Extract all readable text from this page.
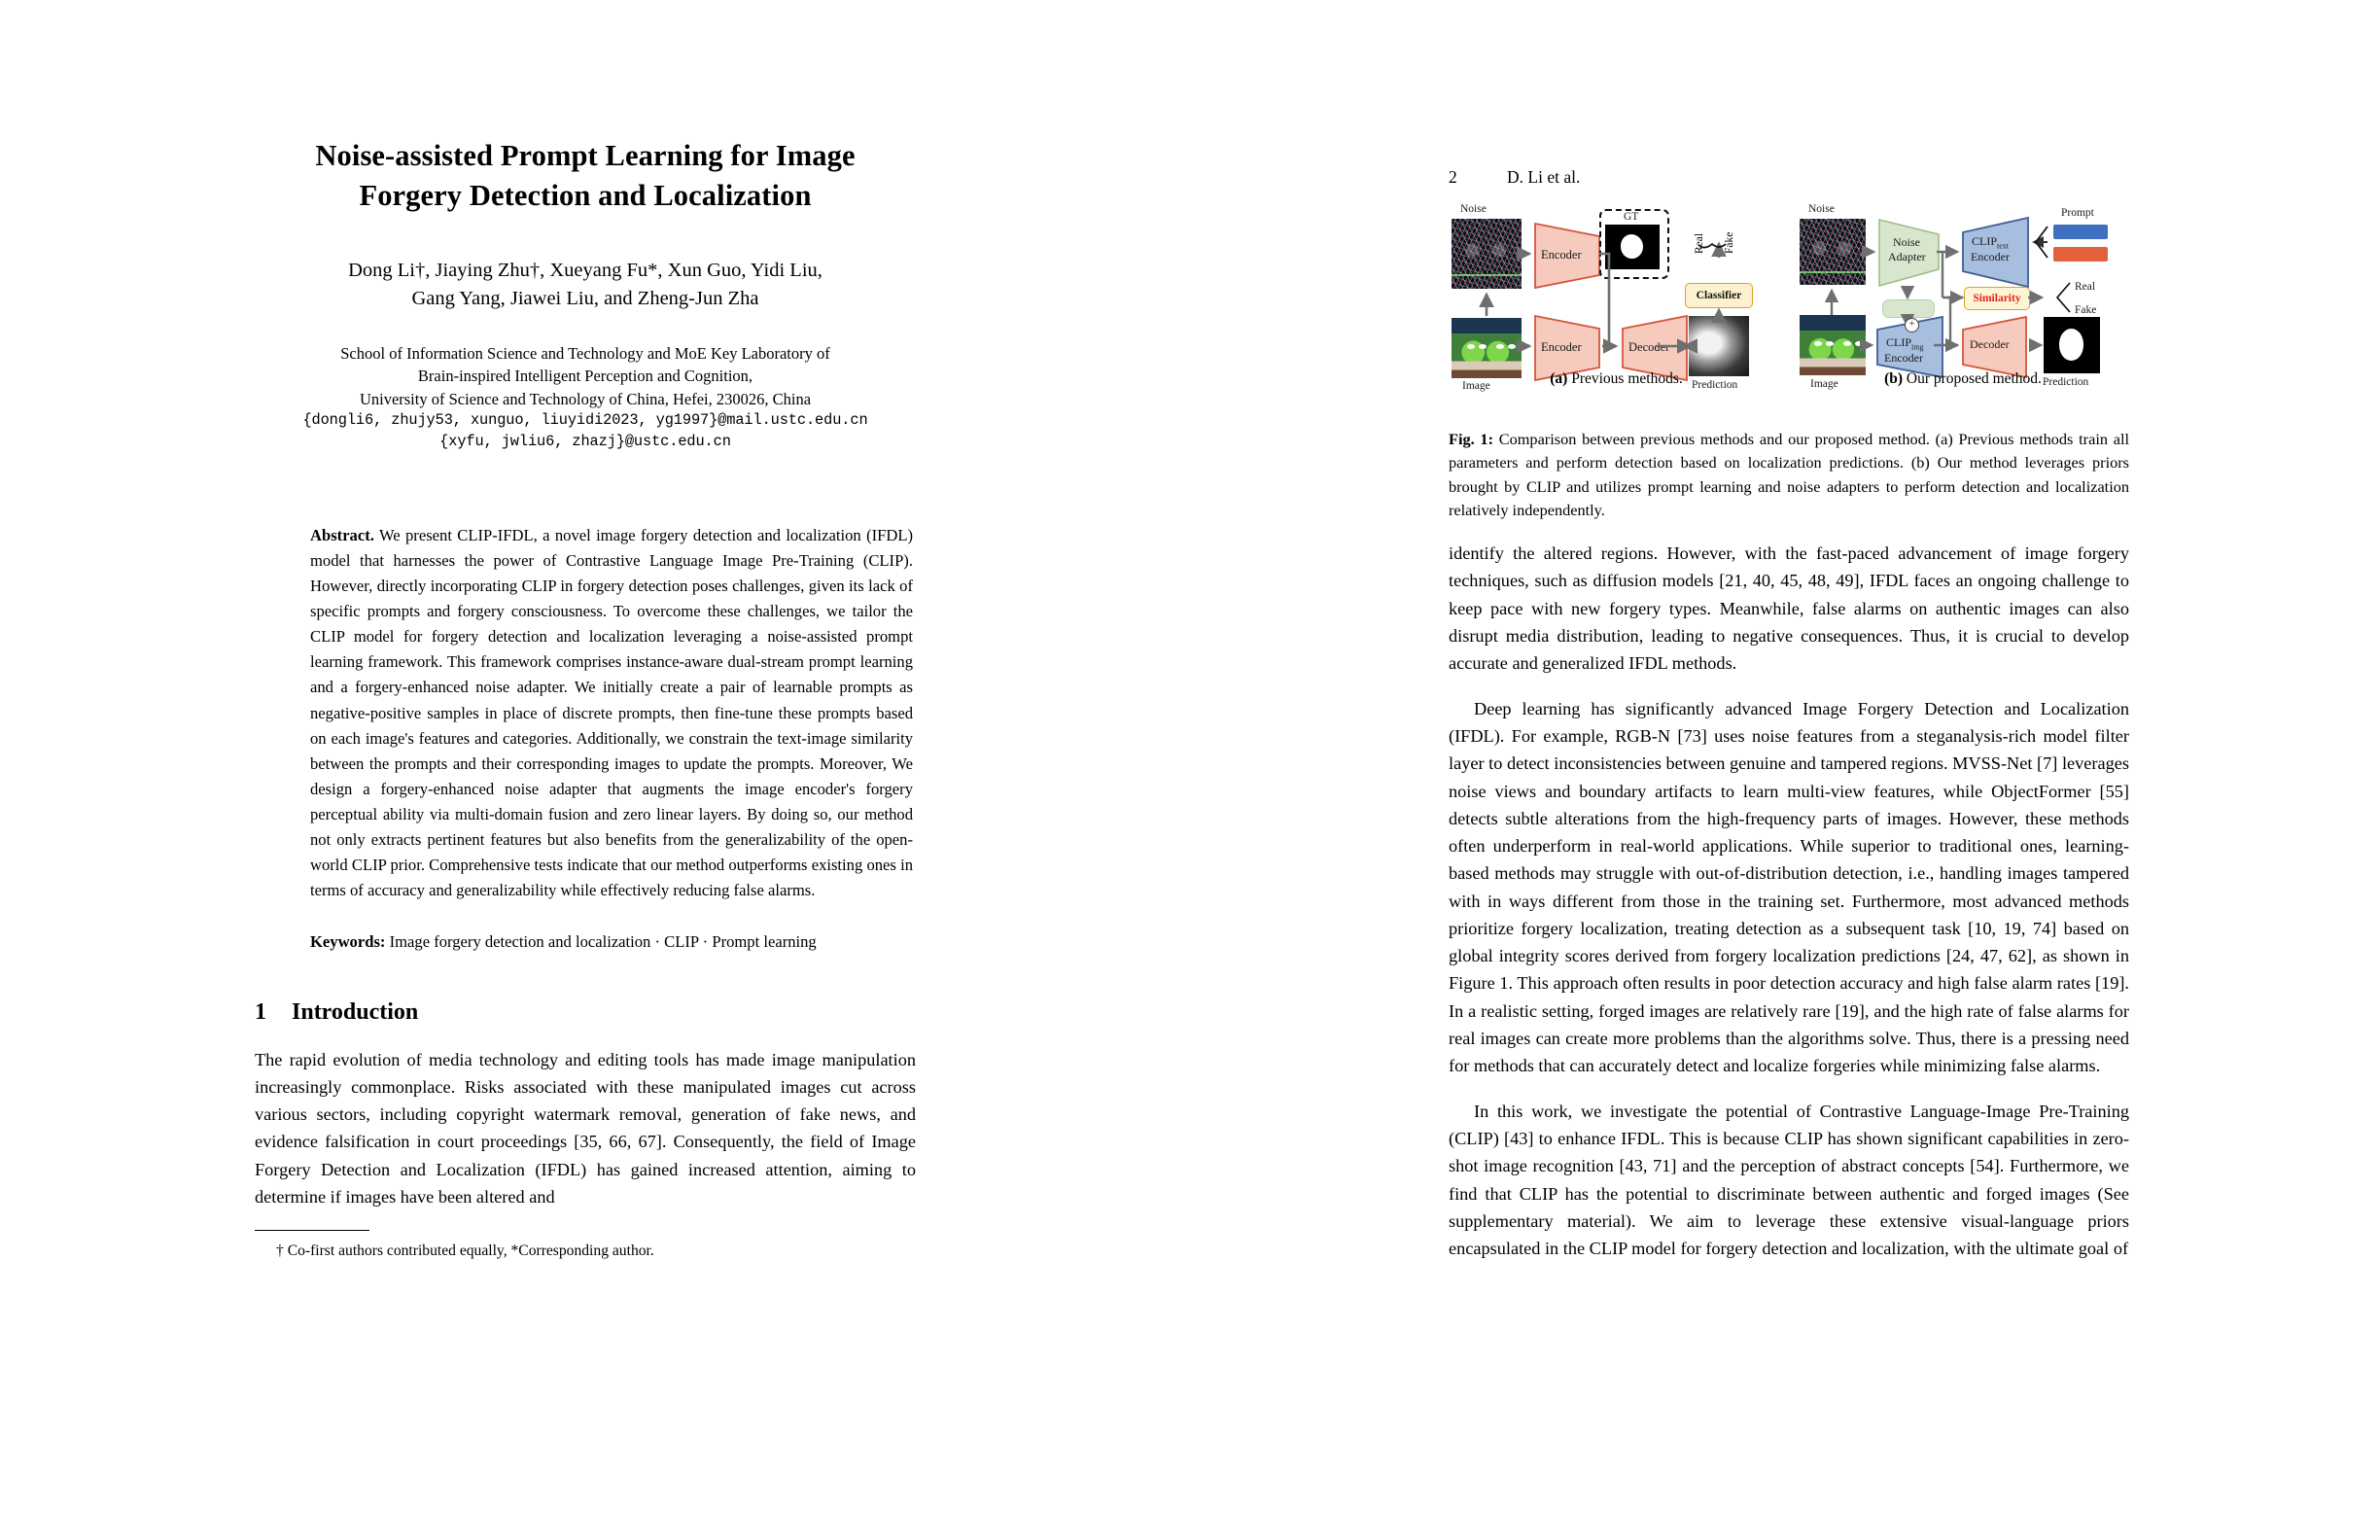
Noise-assisted Prompt Learning for Image
Forgery Detection and Localization
Dong Li†, Jiaying Zhu†, Xueyang Fu*, Xun Guo, Yidi Liu,
Gang Yang, Jiawei Liu, and Zheng-Jun Zha
School of Information Science and Technology and MoE Key Laboratory of
Brain-inspired Intelligent Perception and Cognition,
University of Science and Technology of China, Hefei, 230026, China
{dongli6, zhujy53, xunguo, liuyidi2023, yg1997}@mail.ustc.edu.cn
{xyfu, jwliu6, zhazj}@ustc.edu.cn
Abstract. We present CLIP-IFDL, a novel image forgery detection and localization (IFDL) model that harnesses the power of Contrastive Language Image Pre-Training (CLIP). However, directly incorporating CLIP in forgery detection poses challenges, given its lack of specific prompts and forgery consciousness. To overcome these challenges, we tailor the CLIP model for forgery detection and localization leveraging a noise-assisted prompt learning framework. This framework comprises instance-aware dual-stream prompt learning and a forgery-enhanced noise adapter. We initially create a pair of learnable prompts as negative-positive samples in place of discrete prompts, then fine-tune these prompts based on each image's features and categories. Additionally, we constrain the text-image similarity between the prompts and their corresponding images to update the prompts. Moreover, We design a forgery-enhanced noise adapter that augments the image encoder's forgery perceptual ability via multi-domain fusion and zero linear layers. By doing so, our method not only extracts pertinent features but also benefits from the generalizability of the open-world CLIP prior. Comprehensive tests indicate that our method outperforms existing ones in terms of accuracy and generalizability while effectively reducing false alarms.
Keywords: Image forgery detection and localization · CLIP · Prompt learning
1 Introduction

The rapid evolution of media technology and editing tools has made image manipulation increasingly commonplace. Risks associated with these manipulated images cut across various sectors, including copyright watermark removal, generation of fake news, and evidence falsification in court proceedings [35, 66, 67]. Consequently, the field of Image Forgery Detection and Localization (IFDL) has gained increased attention, aiming to determine if images have been altered and

† Co-first authors contributed equally, *Corresponding author.
2	D. Li et al.
Noise
Image
Encoder
Encoder	Decoder
GT
Classifier
Prediction
Real Fake
(a) Previous methods.
Noise
Image
Noise
Adapter
+
$CLIP_{img}$
Encoder
$CLIP_{text}$
Encoder
Prompt
Similarity
Decoder
Prediction
Real
Fake
(b) Our proposed method.
Fig. 1: Comparison between previous methods and our proposed method. (a) Previous methods train all parameters and perform detection based on localization predictions. (b) Our method leverages priors brought by CLIP and utilizes prompt learning and noise adapters to perform detection and localization relatively independently.

identify the altered regions. However, with the fast-paced advancement of image forgery techniques, such as diffusion models [21, 40, 45, 48, 49], IFDL faces an ongoing challenge to keep pace with new forgery types. Meanwhile, false alarms on authentic images can also disrupt media distribution, leading to negative consequences. Thus, it is crucial to develop accurate and generalized IFDL methods.

Deep learning has significantly advanced Image Forgery Detection and Localization (IFDL). For example, RGB-N [73] uses noise features from a steganalysis-rich model filter layer to detect inconsistencies between genuine and tampered regions. MVSS-Net [7] leverages noise views and boundary artifacts to learn multi-view features, while ObjectFormer [55] detects subtle alterations from the high-frequency parts of images. However, these methods often underperform in real-world applications. While superior to traditional ones, learning-based methods may struggle with out-of-distribution detection, i.e., handling images tampered with in ways different from those in the training set. Furthermore, most advanced methods prioritize forgery localization, treating detection as a subsequent task [10, 19, 74] based on global integrity scores derived from forgery localization predictions [24, 47, 62], as shown in Figure 1. This approach often results in poor detection accuracy and high false alarm rates [19]. In a realistic setting, forged images are relatively rare [19], and the high rate of false alarms for real images can create more problems than the algorithms solve. Thus, there is a pressing need for methods that can accurately detect and localize forgeries while minimizing false alarms.

In this work, we investigate the potential of Contrastive Language-Image Pre-Training (CLIP) [43] to enhance IFDL. This is because CLIP has shown significant capabilities in zero-shot image recognition [43, 71] and the perception of abstract concepts [54]. Furthermore, we find that CLIP has the potential to discriminate between authentic and forged images (See supplementary material). We aim to leverage these extensive visual-language priors encapsulated in the CLIP model for forgery detection and localization, with the ultimate goal of
